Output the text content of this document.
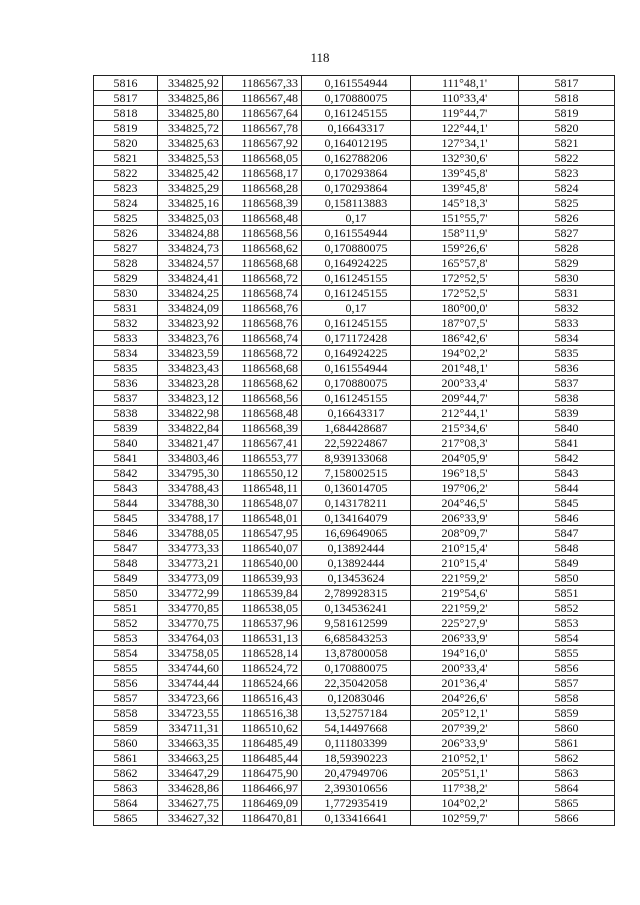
118
5816	334825,92	1186567,33	0,161554944	111°48,1'	5817
5817	334825,86	1186567,48	0,170880075	110°33,4'	5818
5818	334825,80	1186567,64	0,161245155	119°44,7'	5819
5819	334825,72	1186567,78	0,16643317	122°44,1'	5820
5820	334825,63	1186567,92	0,164012195	127°34,1'	5821
5821	334825,53	1186568,05	0,162788206	132°30,6'	5822
5822	334825,42	1186568,17	0,170293864	139°45,8'	5823
5823	334825,29	1186568,28	0,170293864	139°45,8'	5824
5824	334825,16	1186568,39	0,158113883	145°18,3'	5825
5825	334825,03	1186568,48	0,17	151°55,7'	5826
5826	334824,88	1186568,56	0,161554944	158°11,9'	5827
5827	334824,73	1186568,62	0,170880075	159°26,6'	5828
5828	334824,57	1186568,68	0,164924225	165°57,8'	5829
5829	334824,41	1186568,72	0,161245155	172°52,5'	5830
5830	334824,25	1186568,74	0,161245155	172°52,5'	5831
5831	334824,09	1186568,76	0,17	180°00,0'	5832
5832	334823,92	1186568,76	0,161245155	187°07,5'	5833
5833	334823,76	1186568,74	0,171172428	186°42,6'	5834
5834	334823,59	1186568,72	0,164924225	194°02,2'	5835
5835	334823,43	1186568,68	0,161554944	201°48,1'	5836
5836	334823,28	1186568,62	0,170880075	200°33,4'	5837
5837	334823,12	1186568,56	0,161245155	209°44,7'	5838
5838	334822,98	1186568,48	0,16643317	212°44,1'	5839
5839	334822,84	1186568,39	1,684428687	215°34,6'	5840
5840	334821,47	1186567,41	22,59224867	217°08,3'	5841
5841	334803,46	1186553,77	8,939133068	204°05,9'	5842
5842	334795,30	1186550,12	7,158002515	196°18,5'	5843
5843	334788,43	1186548,11	0,136014705	197°06,2'	5844
5844	334788,30	1186548,07	0,143178211	204°46,5'	5845
5845	334788,17	1186548,01	0,134164079	206°33,9'	5846
5846	334788,05	1186547,95	16,69649065	208°09,7'	5847
5847	334773,33	1186540,07	0,13892444	210°15,4'	5848
5848	334773,21	1186540,00	0,13892444	210°15,4'	5849
5849	334773,09	1186539,93	0,13453624	221°59,2'	5850
5850	334772,99	1186539,84	2,789928315	219°54,6'	5851
5851	334770,85	1186538,05	0,134536241	221°59,2'	5852
5852	334770,75	1186537,96	9,581612599	225°27,9'	5853
5853	334764,03	1186531,13	6,685843253	206°33,9'	5854
5854	334758,05	1186528,14	13,87800058	194°16,0'	5855
5855	334744,60	1186524,72	0,170880075	200°33,4'	5856
5856	334744,44	1186524,66	22,35042058	201°36,4'	5857
5857	334723,66	1186516,43	0,12083046	204°26,6'	5858
5858	334723,55	1186516,38	13,52757184	205°12,1'	5859
5859	334711,31	1186510,62	54,14497668	207°39,2'	5860
5860	334663,35	1186485,49	0,111803399	206°33,9'	5861
5861	334663,25	1186485,44	18,59390223	210°52,1'	5862
5862	334647,29	1186475,90	20,47949706	205°51,1'	5863
5863	334628,86	1186466,97	2,393010656	117°38,2'	5864
5864	334627,75	1186469,09	1,772935419	104°02,2'	5865
5865	334627,32	1186470,81	0,133416641	102°59,7'	5866
